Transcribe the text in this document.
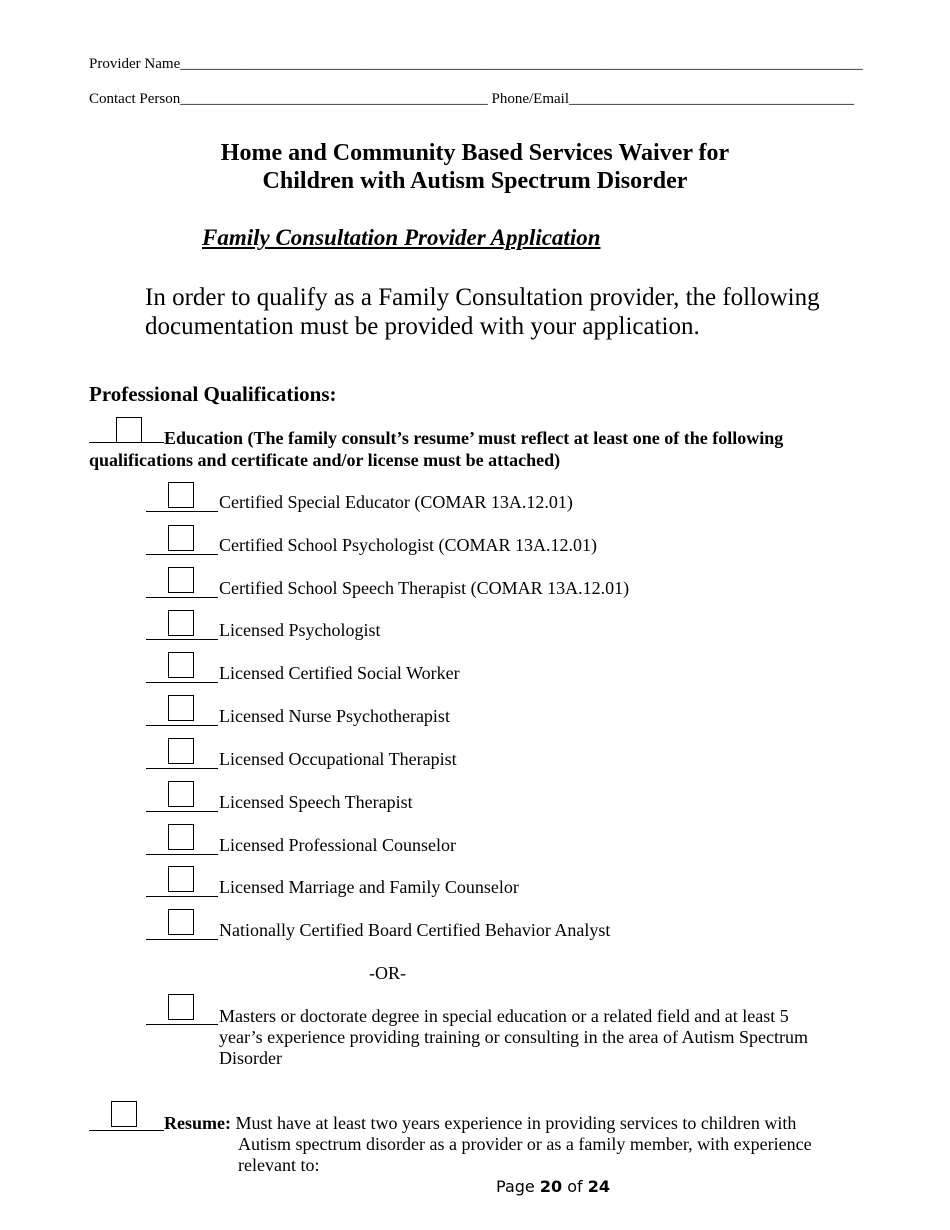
Provider Name___________________________________________________________________________________________
Contact Person_________________________________________ Phone/Email______________________________________
Home and Community Based Services Waiver for
Children with Autism Spectrum Disorder
Family Consultation Provider Application
In order to qualify as a Family Consultation provider, the following
documentation must be provided with your application.
Professional Qualifications:
Education (The family consult’s resume’ must reflect at least one of the following
qualifications and certificate and/or license must be attached)
Certified Special Educator (COMAR 13A.12.01)
Certified School Psychologist (COMAR 13A.12.01)
Certified School Speech Therapist (COMAR 13A.12.01)
Licensed Psychologist
Licensed Certified Social Worker
Licensed Nurse Psychotherapist
Licensed Occupational Therapist
Licensed Speech Therapist
Licensed Professional Counselor
Licensed Marriage and Family Counselor
Nationally Certified Board Certified Behavior Analyst
-OR-
Masters or doctorate degree in special education or a related field and at least 5
year’s experience providing training or consulting in the area of Autism Spectrum
Disorder
Resume: Must have at least two years experience in providing services to children with
Autism spectrum disorder as a provider or as a family member, with experience
relevant to:
Page 20 of 24
